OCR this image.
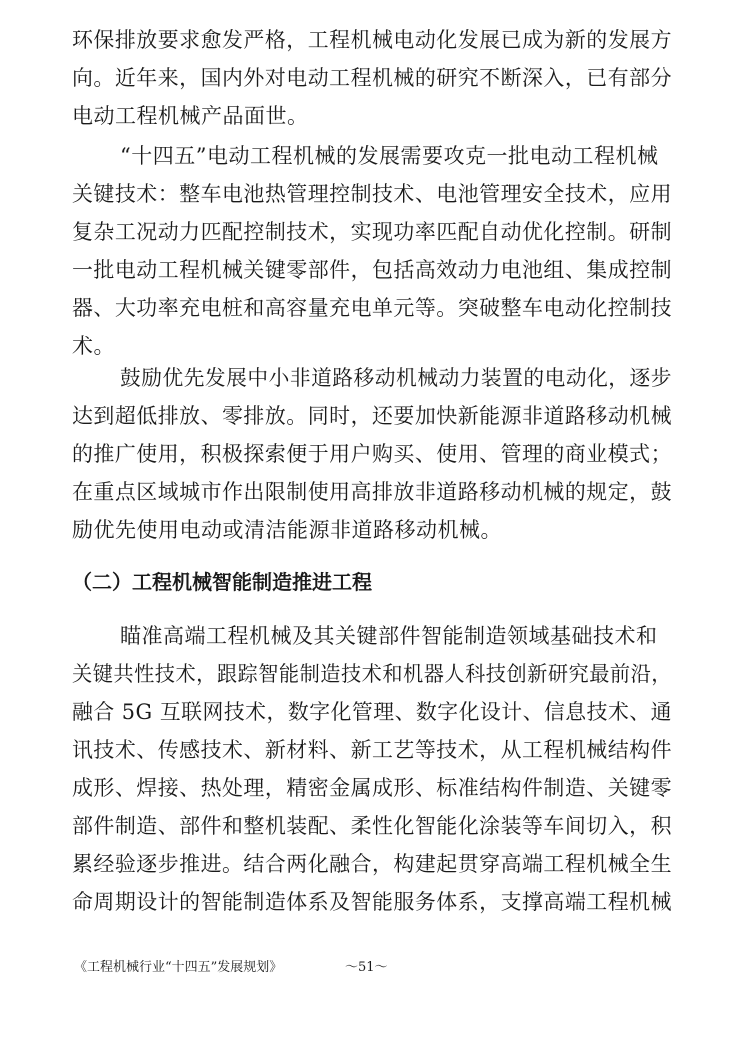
环保排放要求愈发严格，工程机械电动化发展已成为新的发展方
向。近年来，国内外对电动工程机械的研究不断深入，已有部分
电动工程机械产品面世。
“十四五”电动工程机械的发展需要攻克一批电动工程机械
关键技术：整车电池热管理控制技术、电池管理安全技术，应用
复杂工况动力匹配控制技术，实现功率匹配自动优化控制。研制
一批电动工程机械关键零部件，包括高效动力电池组、集成控制
器、大功率充电桩和高容量充电单元等。突破整车电动化控制技
术。
鼓励优先发展中小非道路移动机械动力装置的电动化，逐步
达到超低排放、零排放。同时，还要加快新能源非道路移动机械
的推广使用，积极探索便于用户购买、使用、管理的商业模式；
在重点区域城市作出限制使用高排放非道路移动机械的规定，鼓
励优先使用电动或清洁能源非道路移动机械。
（二）工程机械智能制造推进工程
瞄准高端工程机械及其关键部件智能制造领域基础技术和
关键共性技术，跟踪智能制造技术和机器人科技创新研究最前沿，
融合 5G 互联网技术，数字化管理、数字化设计、信息技术、通
讯技术、传感技术、新材料、新工艺等技术，从工程机械结构件
成形、焊接、热处理，精密金属成形、标准结构件制造、关键零
部件制造、部件和整机装配、柔性化智能化涂装等车间切入，积
累经验逐步推进。结合两化融合，构建起贯穿高端工程机械全生
命周期设计的智能制造体系及智能服务体系，支撑高端工程机械
《工程机械行业“十四五”发展规划》	～51～
